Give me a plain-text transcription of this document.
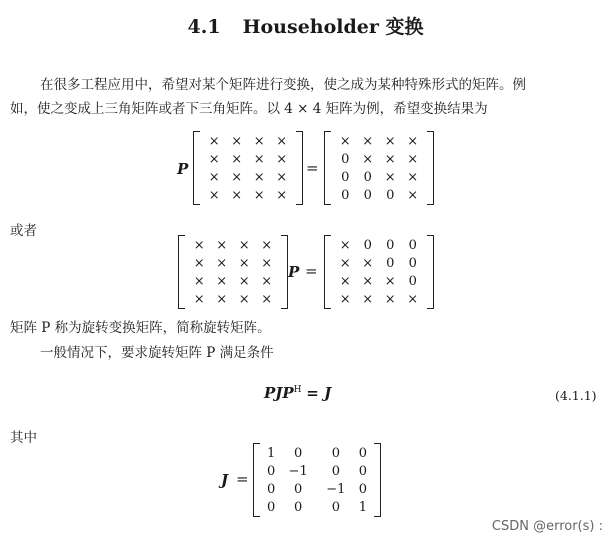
4.1 Householder 变换
在很多工程应用中，希望对某个矩阵进行变换，使之成为某种特殊形式的矩阵。例
如，使之变成上三角矩阵或者下三角矩阵。以 4 × 4 矩阵为例，希望变换结果为
P
×	×	×	×
×	×	×	×
×	×	×	×
×	×	×	×
=
×	×	×	×
0	×	×	×
0	0	×	×
0	0	0	×
或者
×	×	×	×
×	×	×	×
×	×	×	×
×	×	×	×
P =
×	0	0	0
×	×	0	0
×	×	×	0
×	×	×	×
矩阵 P 称为旋转变换矩阵，简称旋转矩阵。
一般情况下，要求旋转矩阵 P 满足条件
$PJP^H = J$	(4.1.1)
其中
J =
1	0	0	0
0	−1	0	0
0	0	−1	0
0	0	0	1
CSDN @error(s) :
